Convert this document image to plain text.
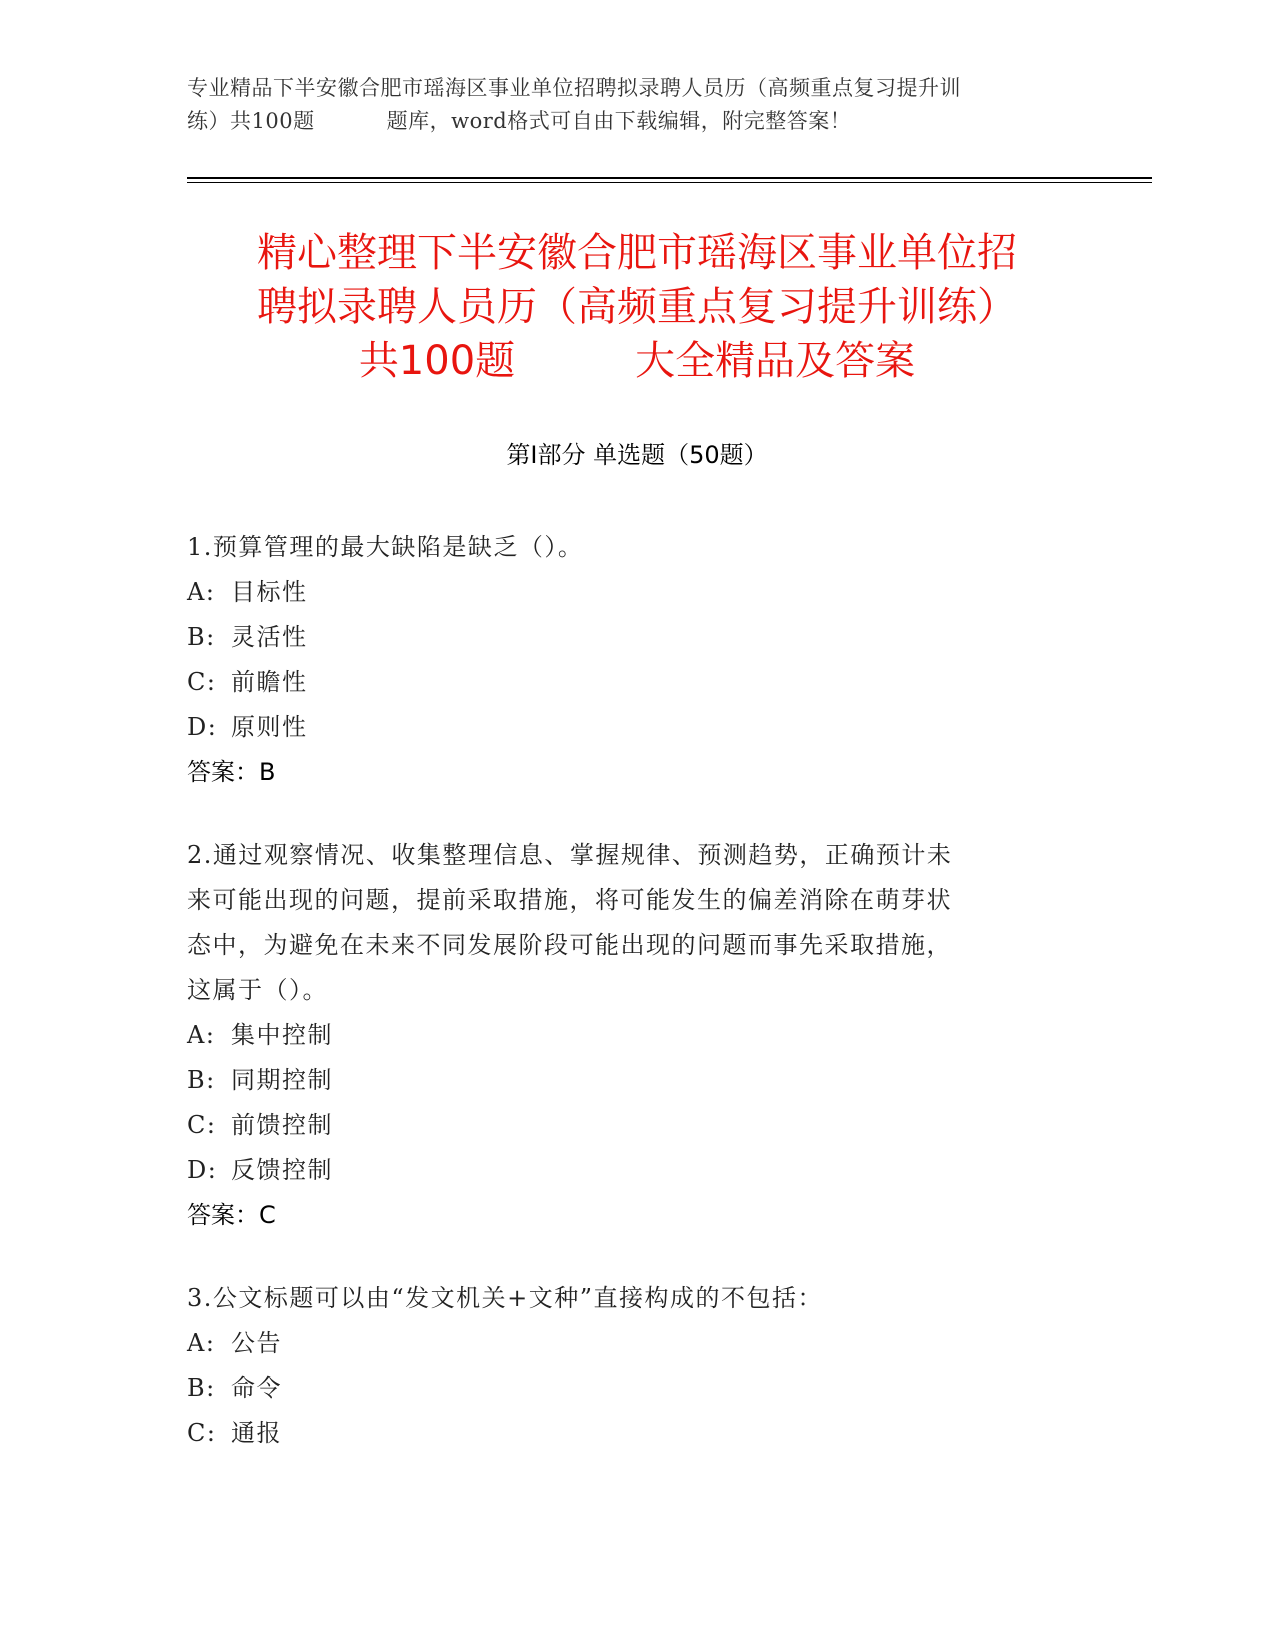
专业精品下半安徽合肥市瑶海区事业单位招聘拟录聘人员历（高频重点复习提升训
练）共100题	题库，word格式可自由下载编辑，附完整答案！
精心整理下半安徽合肥市瑶海区事业单位招
聘拟录聘人员历（高频重点复习提升训练）
共100题	大全精品及答案
第Ⅰ部分 单选题（50题）
1.预算管理的最大缺陷是缺乏（）。
A: 目标性
B: 灵活性
C: 前瞻性
D: 原则性
答案：B
2.通过观察情况、收集整理信息、掌握规律、预测趋势，正确预计未
来可能出现的问题，提前采取措施，将可能发生的偏差消除在萌芽状
态中，为避免在未来不同发展阶段可能出现的问题而事先采取措施，
这属于（）。
A: 集中控制
B: 同期控制
C: 前馈控制
D: 反馈控制
答案：C
3.公文标题可以由“发文机关+文种”直接构成的不包括：
A: 公告
B: 命令
C: 通报
